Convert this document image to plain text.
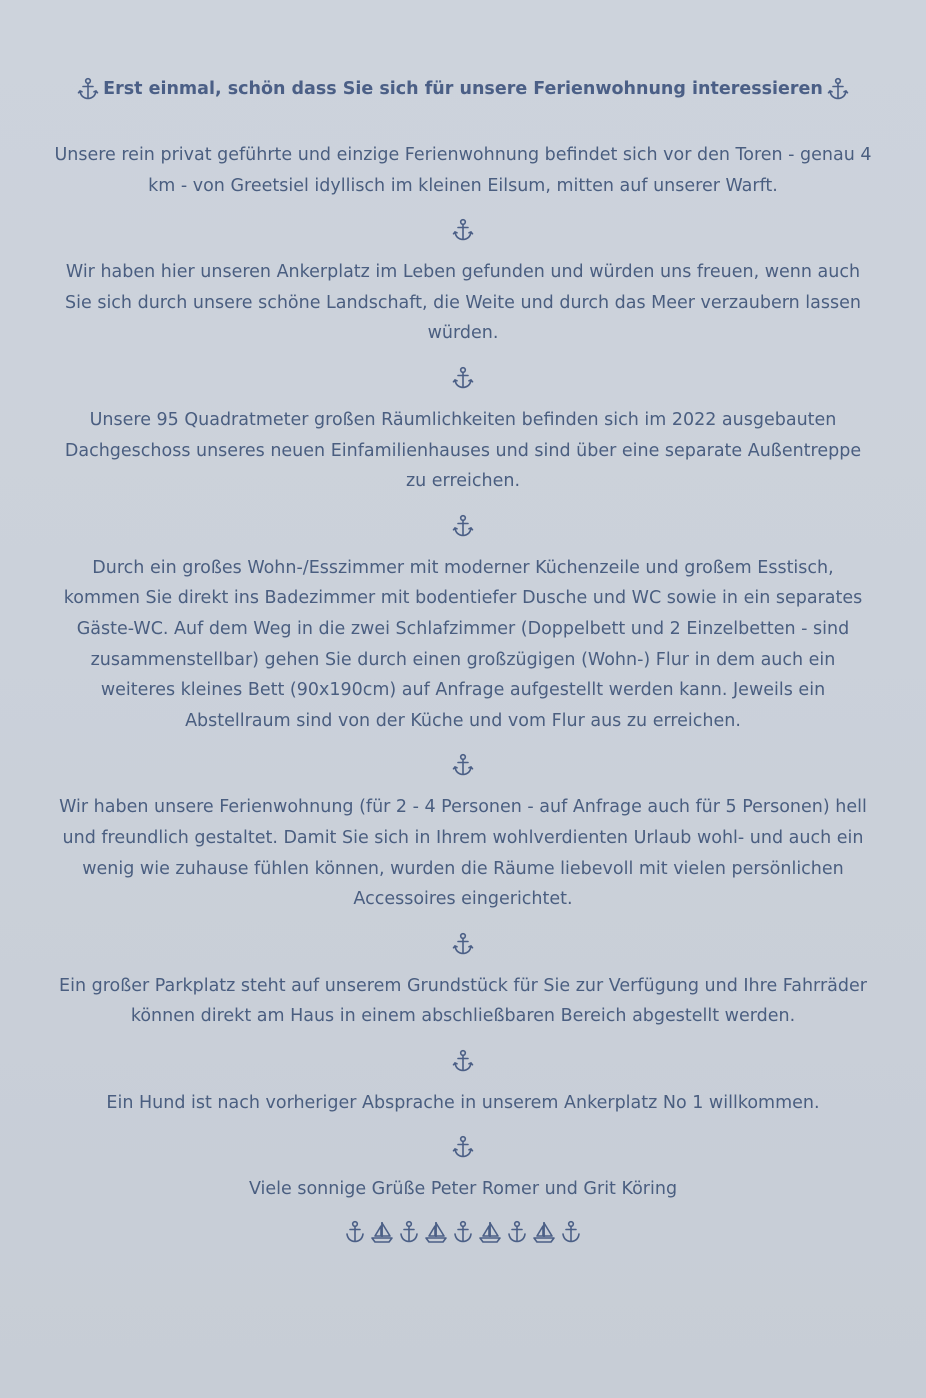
Erst einmal, schön dass Sie sich für unsere Ferienwohnung interessieren

Unsere rein privat geführte und einzige Ferienwohnung befindet sich vor den Toren - genau 4 km - von Greetsiel idyllisch im kleinen Eilsum, mitten auf unserer Warft.

Wir haben hier unseren Ankerplatz im Leben gefunden und würden uns freuen, wenn auch Sie sich durch unsere schöne Landschaft, die Weite und durch das Meer verzaubern lassen würden.

Unsere 95 Quadratmeter großen Räumlichkeiten befinden sich im 2022 ausgebauten Dachgeschoss unseres neuen Einfamilienhauses und sind über eine separate Außentreppe zu erreichen.

Durch ein großes Wohn-/Esszimmer mit moderner Küchenzeile und großem Esstisch, kommen Sie direkt ins Badezimmer mit bodentiefer Dusche und WC sowie in ein separates Gäste-WC. Auf dem Weg in die zwei Schlafzimmer (Doppelbett und 2 Einzelbetten - sind zusammenstellbar) gehen Sie durch einen großzügigen (Wohn-) Flur in dem auch ein weiteres kleines Bett (90x190cm) auf Anfrage aufgestellt werden kann. Jeweils ein Abstellraum sind von der Küche und vom Flur aus zu erreichen.

Wir haben unsere Ferienwohnung (für 2 - 4 Personen - auf Anfrage auch für 5 Personen) hell und freundlich gestaltet. Damit Sie sich in Ihrem wohlverdienten Urlaub wohl- und auch ein wenig wie zuhause fühlen können, wurden die Räume liebevoll mit vielen persönlichen Accessoires eingerichtet.

Ein großer Parkplatz steht auf unserem Grundstück für Sie zur Verfügung und Ihre Fahrräder können direkt am Haus in einem abschließbaren Bereich abgestellt werden.

Ein Hund ist nach vorheriger Absprache in unserem Ankerplatz No 1 willkommen.

Viele sonnige Grüße Peter Romer und Grit Köring
